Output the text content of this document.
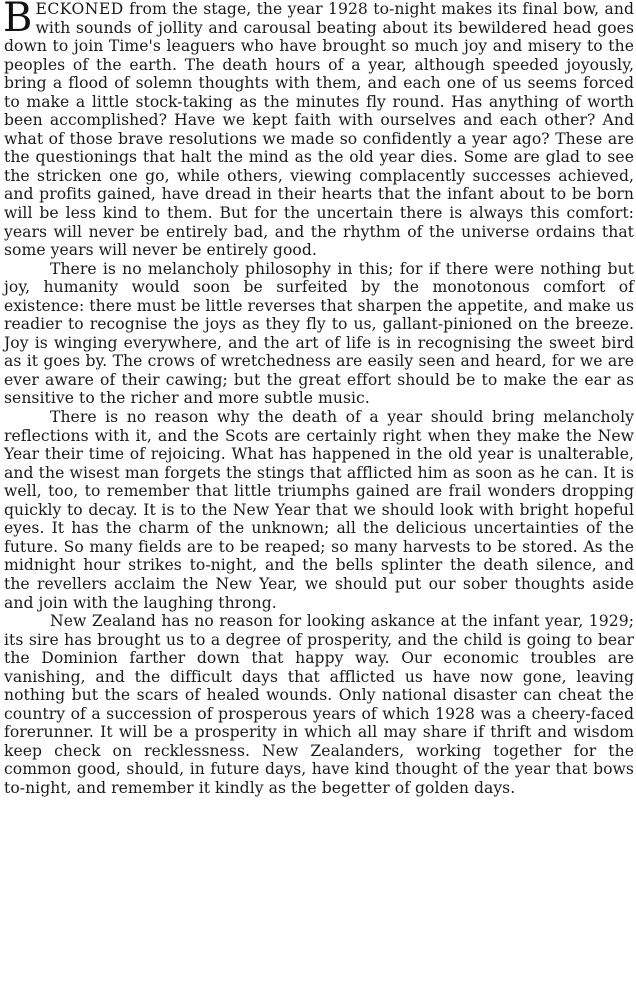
BECKONED from the stage, the year 1928 to-night makes its final bow, and with sounds of jollity and carousal beating about its bewildered head goes down to join Time's leaguers who have brought so much joy and misery to the peoples of the earth. The death hours of a year, although speeded joyously, bring a flood of solemn thoughts with them, and each one of us seems forced to make a little stock-taking as the minutes fly round. Has anything of worth been accomplished? Have we kept faith with ourselves and each other? And what of those brave resolutions we made so confidently a year ago? These are the questionings that halt the mind as the old year dies. Some are glad to see the stricken one go, while others, viewing complacently successes achieved, and profits gained, have dread in their hearts that the infant about to be born will be less kind to them. But for the uncertain there is always this comfort: years will never be entirely bad, and the rhythm of the universe ordains that some years will never be entirely good.

There is no melancholy philosophy in this; for if there were nothing but joy, humanity would soon be surfeited by the monotonous comfort of existence: there must be little reverses that sharpen the appetite, and make us readier to recognise the joys as they fly to us, gallant-pinioned on the breeze. Joy is winging everywhere, and the art of life is in recognising the sweet bird as it goes by. The crows of wretchedness are easily seen and heard, for we are ever aware of their cawing; but the great effort should be to make the ear as sensitive to the richer and more subtle music.

There is no reason why the death of a year should bring melancholy reflections with it, and the Scots are certainly right when they make the New Year their time of rejoicing. What has happened in the old year is unalterable, and the wisest man forgets the stings that afflicted him as soon as he can. It is well, too, to remember that little triumphs gained are frail wonders dropping quickly to decay. It is to the New Year that we should look with bright hopeful eyes. It has the charm of the unknown; all the delicious uncertainties of the future. So many fields are to be reaped; so many harvests to be stored. As the midnight hour strikes to-night, and the bells splinter the death silence, and the revellers acclaim the New Year, we should put our sober thoughts aside and join with the laughing throng.

New Zealand has no reason for looking askance at the infant year, 1929; its sire has brought us to a degree of prosperity, and the child is going to bear the Dominion farther down that happy way. Our economic troubles are vanishing, and the difficult days that afflicted us have now gone, leaving nothing but the scars of healed wounds. Only national disaster can cheat the country of a succession of prosperous years of which 1928 was a cheery-faced forerunner. It will be a prosperity in which all may share if thrift and wisdom keep check on recklessness. New Zealanders, working together for the common good, should, in future days, have kind thought of the year that bows to-night, and remember it kindly as the begetter of golden days.
